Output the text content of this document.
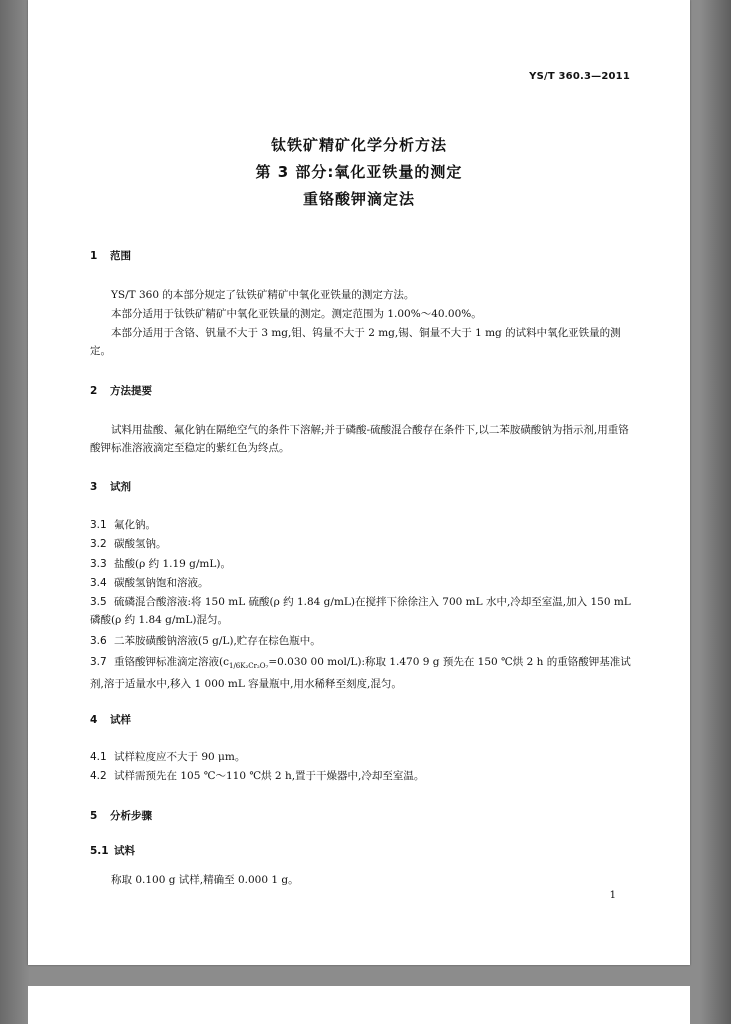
YS/T 360.3—2011
钛铁矿精矿化学分析方法
第 3 部分:氧化亚铁量的测定
重铬酸钾滴定法
1 范围
YS/T 360 的本部分规定了钛铁矿精矿中氧化亚铁量的测定方法。
本部分适用于钛铁矿精矿中氧化亚铁量的测定。测定范围为 1.00%～40.00%。
本部分适用于含铬、钒量不大于 3 mg,钼、钨量不大于 2 mg,锡、铜量不大于 1 mg 的试料中氧化亚铁量的测定。
2 方法提要
试料用盐酸、氟化钠在隔绝空气的条件下溶解;并于磷酸-硫酸混合酸存在条件下,以二苯胺磺酸钠为指示剂,用重铬酸钾标准溶液滴定至稳定的紫红色为终点。
3 试剂
3.1 氟化钠。
3.2 碳酸氢钠。
3.3 盐酸(ρ 约 1.19 g/mL)。
3.4 碳酸氢钠饱和溶液。
3.5 硫磷混合酸溶液:将 150 mL 硫酸(ρ 约 1.84 g/mL)在搅拌下徐徐注入 700 mL 水中,冷却至室温,加入 150 mL 磷酸(ρ 约 1.84 g/mL)混匀。
3.6 二苯胺磺酸钠溶液(5 g/L),贮存在棕色瓶中。
3.7 重铬酸钾标准滴定溶液($c_{1/6K_2Cr_2O_7}=0.030$ 00 mol/L):称取 1.470 9 g 预先在 150 ℃烘 2 h 的重铬酸钾基准试剂,溶于适量水中,移入 1 000 mL 容量瓶中,用水稀释至刻度,混匀。
4 试样
4.1 试样粒度应不大于 90 μm。
4.2 试样需预先在 105 ℃～110 ℃烘 2 h,置于干燥器中,冷却至室温。
5 分析步骤
5.1 试料
称取 0.100 g 试样,精确至 0.000 1 g。
1
